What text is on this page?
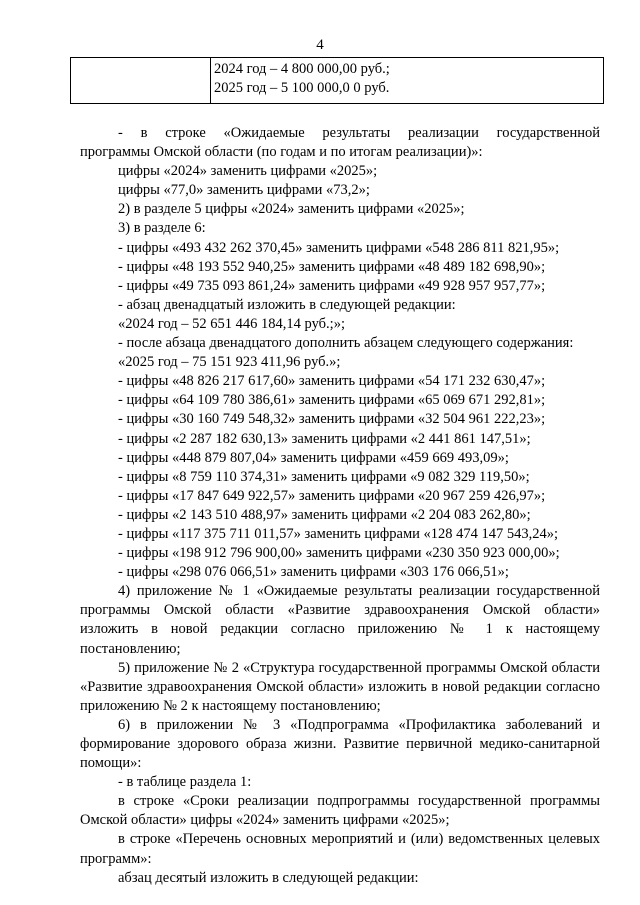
4

2024 год – 4 800 000,00 руб.;
2025 год – 5 100 000,0 0 руб.
- в строке «Ожидаемые результаты реализации государственной
программы Омской области (по годам и по итогам реализации)»:
цифры «2024» заменить цифрами «2025»;
цифры «77,0» заменить цифрами «73,2»;
2) в разделе 5 цифры «2024» заменить цифрами «2025»;
3) в разделе 6:
- цифры «493 432 262 370,45» заменить цифрами «548 286 811 821,95»;
- цифры «48 193 552 940,25» заменить цифрами «48 489 182 698,90»;
- цифры «49 735 093 861,24» заменить цифрами «49 928 957 957,77»;
- абзац двенадцатый изложить в следующей редакции:
«2024 год – 52 651 446 184,14 руб.;»;
- после абзаца двенадцатого дополнить абзацем следующего содержания:
«2025 год – 75 151 923 411,96 руб.»;
- цифры «48 826 217 617,60» заменить цифрами «54 171 232 630,47»;
- цифры «64 109 780 386,61» заменить цифрами «65 069 671 292,81»;
- цифры «30 160 749 548,32» заменить цифрами «32 504 961 222,23»;
- цифры «2 287 182 630,13» заменить цифрами «2 441 861 147,51»;
- цифры «448 879 807,04» заменить цифрами «459 669 493,09»;
- цифры «8 759 110 374,31» заменить цифрами «9 082 329 119,50»;
- цифры «17 847 649 922,57» заменить цифрами «20 967 259 426,97»;
- цифры «2 143 510 488,97» заменить цифрами «2 204 083 262,80»;
- цифры «117 375 711 011,57» заменить цифрами «128 474 147 543,24»;
- цифры «198 912 796 900,00» заменить цифрами «230 350 923 000,00»;
- цифры «298 076 066,51» заменить цифрами «303 176 066,51»;
4) приложение № 1 «Ожидаемые результаты реализации государственной программы Омской области «Развитие здравоохранения Омской области» изложить в новой редакции согласно приложению № 1 к настоящему постановлению;
5) приложение № 2 «Структура государственной программы Омской области «Развитие здравоохранения Омской области» изложить в новой редакции согласно приложению № 2 к настоящему постановлению;
6) в приложении № 3 «Подпрограмма «Профилактика заболеваний и формирование здорового образа жизни. Развитие первичной медико-санитарной помощи»:
- в таблице раздела 1:
в строке «Сроки реализации подпрограммы государственной программы Омской области» цифры «2024» заменить цифрами «2025»;
в строке «Перечень основных мероприятий и (или) ведомственных целевых программ»:
абзац десятый изложить в следующей редакции:
